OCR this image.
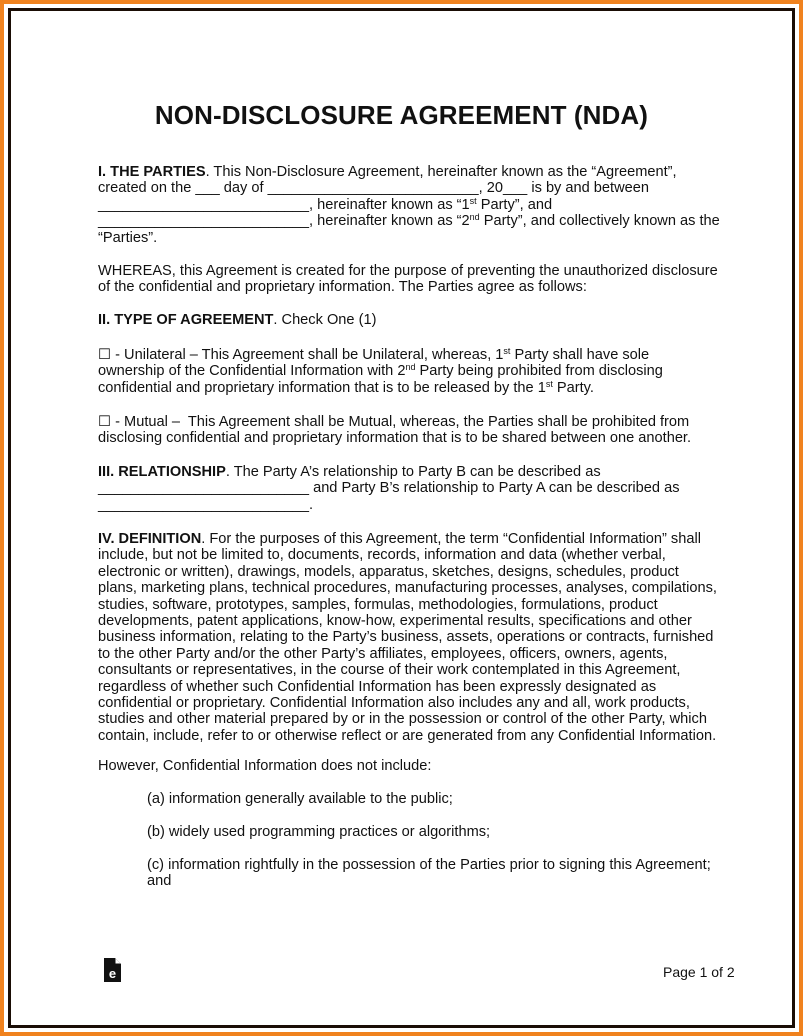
NON-DISCLOSURE AGREEMENT (NDA)
I. THE PARTIES. This Non-Disclosure Agreement, hereinafter known as the “Agreement”,
created on the ___ day of __________________________, 20___ is by and between
__________________________, hereinafter known as “1st Party”, and
__________________________, hereinafter known as “2nd Party”, and collectively known as the
“Parties”.
WHEREAS, this Agreement is created for the purpose of preventing the unauthorized disclosure
of the confidential and proprietary information. The Parties agree as follows:
II. TYPE OF AGREEMENT. Check One (1)
☐ - Unilateral – This Agreement shall be Unilateral, whereas, 1st Party shall have sole
ownership of the Confidential Information with 2nd Party being prohibited from disclosing
confidential and proprietary information that is to be released by the 1st Party.
☐ - Mutual –  This Agreement shall be Mutual, whereas, the Parties shall be prohibited from
disclosing confidential and proprietary information that is to be shared between one another.
III. RELATIONSHIP. The Party A’s relationship to Party B can be described as
__________________________ and Party B’s relationship to Party A can be described as
__________________________.
IV. DEFINITION. For the purposes of this Agreement, the term “Confidential Information” shall
include, but not be limited to, documents, records, information and data (whether verbal,
electronic or written), drawings, models, apparatus, sketches, designs, schedules, product
plans, marketing plans, technical procedures, manufacturing processes, analyses, compilations,
studies, software, prototypes, samples, formulas, methodologies, formulations, product
developments, patent applications, know-how, experimental results, specifications and other
business information, relating to the Party’s business, assets, operations or contracts, furnished
to the other Party and/or the other Party’s affiliates, employees, officers, owners, agents,
consultants or representatives, in the course of their work contemplated in this Agreement,
regardless of whether such Confidential Information has been expressly designated as
confidential or proprietary. Confidential Information also includes any and all, work products,
studies and other material prepared by or in the possession or control of the other Party, which
contain, include, refer to or otherwise reflect or are generated from any Confidential Information.
However, Confidential Information does not include:
(a) information generally available to the public;
(b) widely used programming practices or algorithms;
(c) information rightfully in the possession of the Parties prior to signing this Agreement;
and
e	Page 1 of 2
